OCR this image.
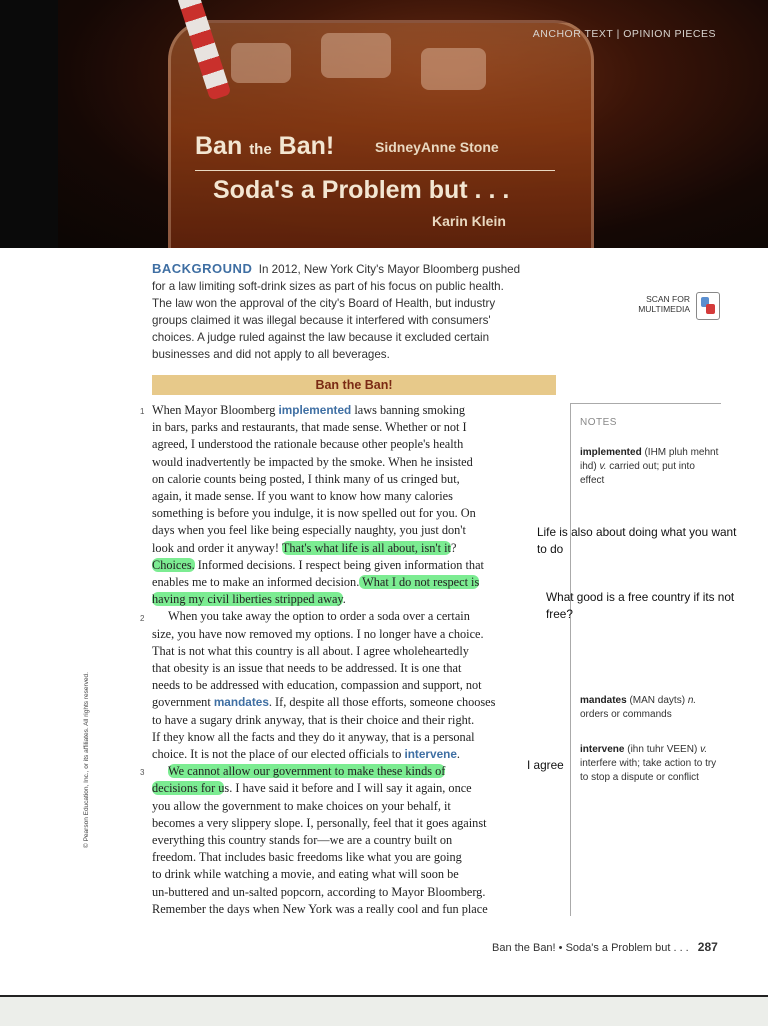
ANCHOR TEXT | OPINION PIECES
Ban the Ban!	SidneyAnne Stone
Soda's a Problem but . . .
Karin Klein
BACKGROUND In 2012, New York City's Mayor Bloomberg pushed
for a law limiting soft-drink sizes as part of his focus on public health.
The law won the approval of the city's Board of Health, but industry
groups claimed it was illegal because it interfered with consumers'
choices. A judge ruled against the law because it excluded certain
businesses and did not apply to all beverages.
SCAN FOR MULTIMEDIA
Ban the Ban!
1
2
3
When Mayor Bloomberg implemented laws banning smoking
in bars, parks and restaurants, that made sense. Whether or not I
agreed, I understood the rationale because other people's health
would inadvertently be impacted by the smoke. When he insisted
on calorie counts being posted, I think many of us cringed but,
again, it made sense. If you want to know how many calories
something is before you indulge, it is now spelled out for you. On
days when you feel like being especially naughty, you just don't
look and order it anyway! That's what life is all about, isn't it?
Choices. Informed decisions. I respect being given information that
enables me to make an informed decision. What I do not respect is
having my civil liberties stripped away.
When you take away the option to order a soda over a certain
size, you have now removed my options. I no longer have a choice.
That is not what this country is all about. I agree wholeheartedly
that obesity is an issue that needs to be addressed. It is one that
needs to be addressed with education, compassion and support, not
government mandates. If, despite all those efforts, someone chooses
to have a sugary drink anyway, that is their choice and their right.
If they know all the facts and they do it anyway, that is a personal
choice. It is not the place of our elected officials to intervene.
We cannot allow our government to make these kinds of
decisions for us. I have said it before and I will say it again, once
you allow the government to make choices on your behalf, it
becomes a very slippery slope. I, personally, feel that it goes against
everything this country stands for—we are a country built on
freedom. That includes basic freedoms like what you are going
to drink while watching a movie, and eating what will soon be
un-buttered and un-salted popcorn, according to Mayor Bloomberg.
Remember the days when New York was a really cool and fun place
NOTES
implemented (IHM pluh mehnt ihd) v. carried out; put into effect
mandates (MAN dayts) n. orders or commands
intervene (ihn tuhr VEEN) v. interfere with; take action to try to stop a dispute or conflict
Life is also about doing what you want
to do
What good is a free country if its not
free?
I agree
© Pearson Education, Inc., or its affiliates. All rights reserved.
Ban the Ban! • Soda's a Problem but . . . 287
